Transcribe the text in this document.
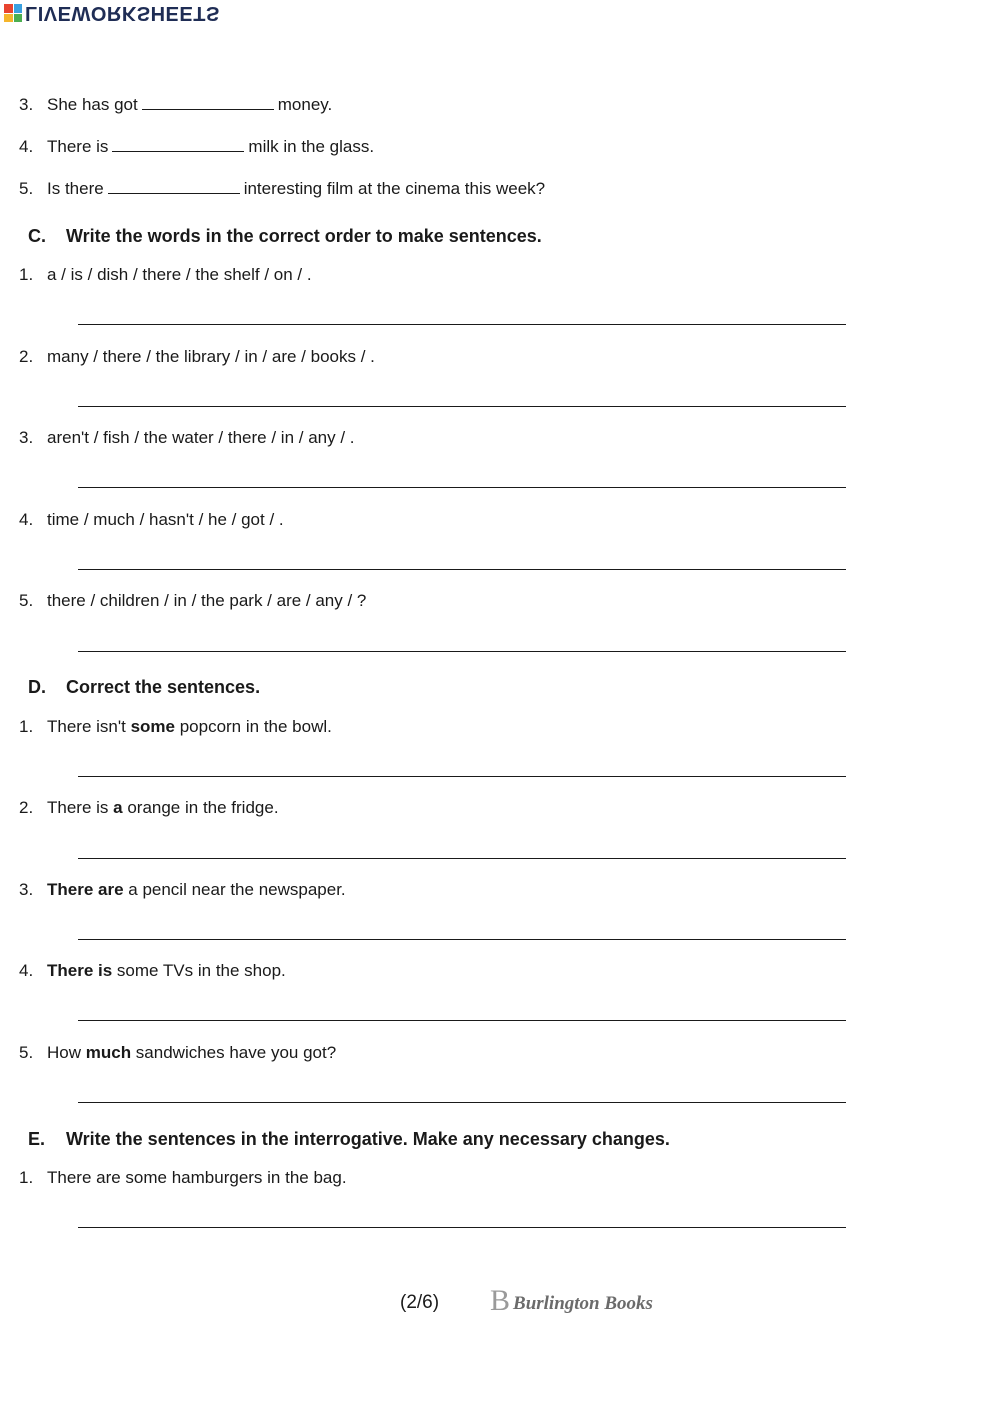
LIVEWORKSHEETS
3. She has got	money.
4. There is	milk in the glass.
5. Is there	interesting film at the cinema this week?
C. Write the words in the correct order to make sentences.
1. a / is / dish / there / the shelf / on / .
2. many / there / the library / in / are / books / .
3. aren't / fish / the water / there / in / any / .
4. time / much / hasn't / he / got / .
5. there / children / in / the park / are / any / ?
D. Correct the sentences.
1. There isn't some popcorn in the bowl.
2. There is a orange in the fridge.
3. There are a pencil near the newspaper.
4. There is some TVs in the shop.
5. How much sandwiches have you got?
E. Write the sentences in the interrogative. Make any necessary changes.
1. There are some hamburgers in the bag.
(2/6) B Burlington Books
